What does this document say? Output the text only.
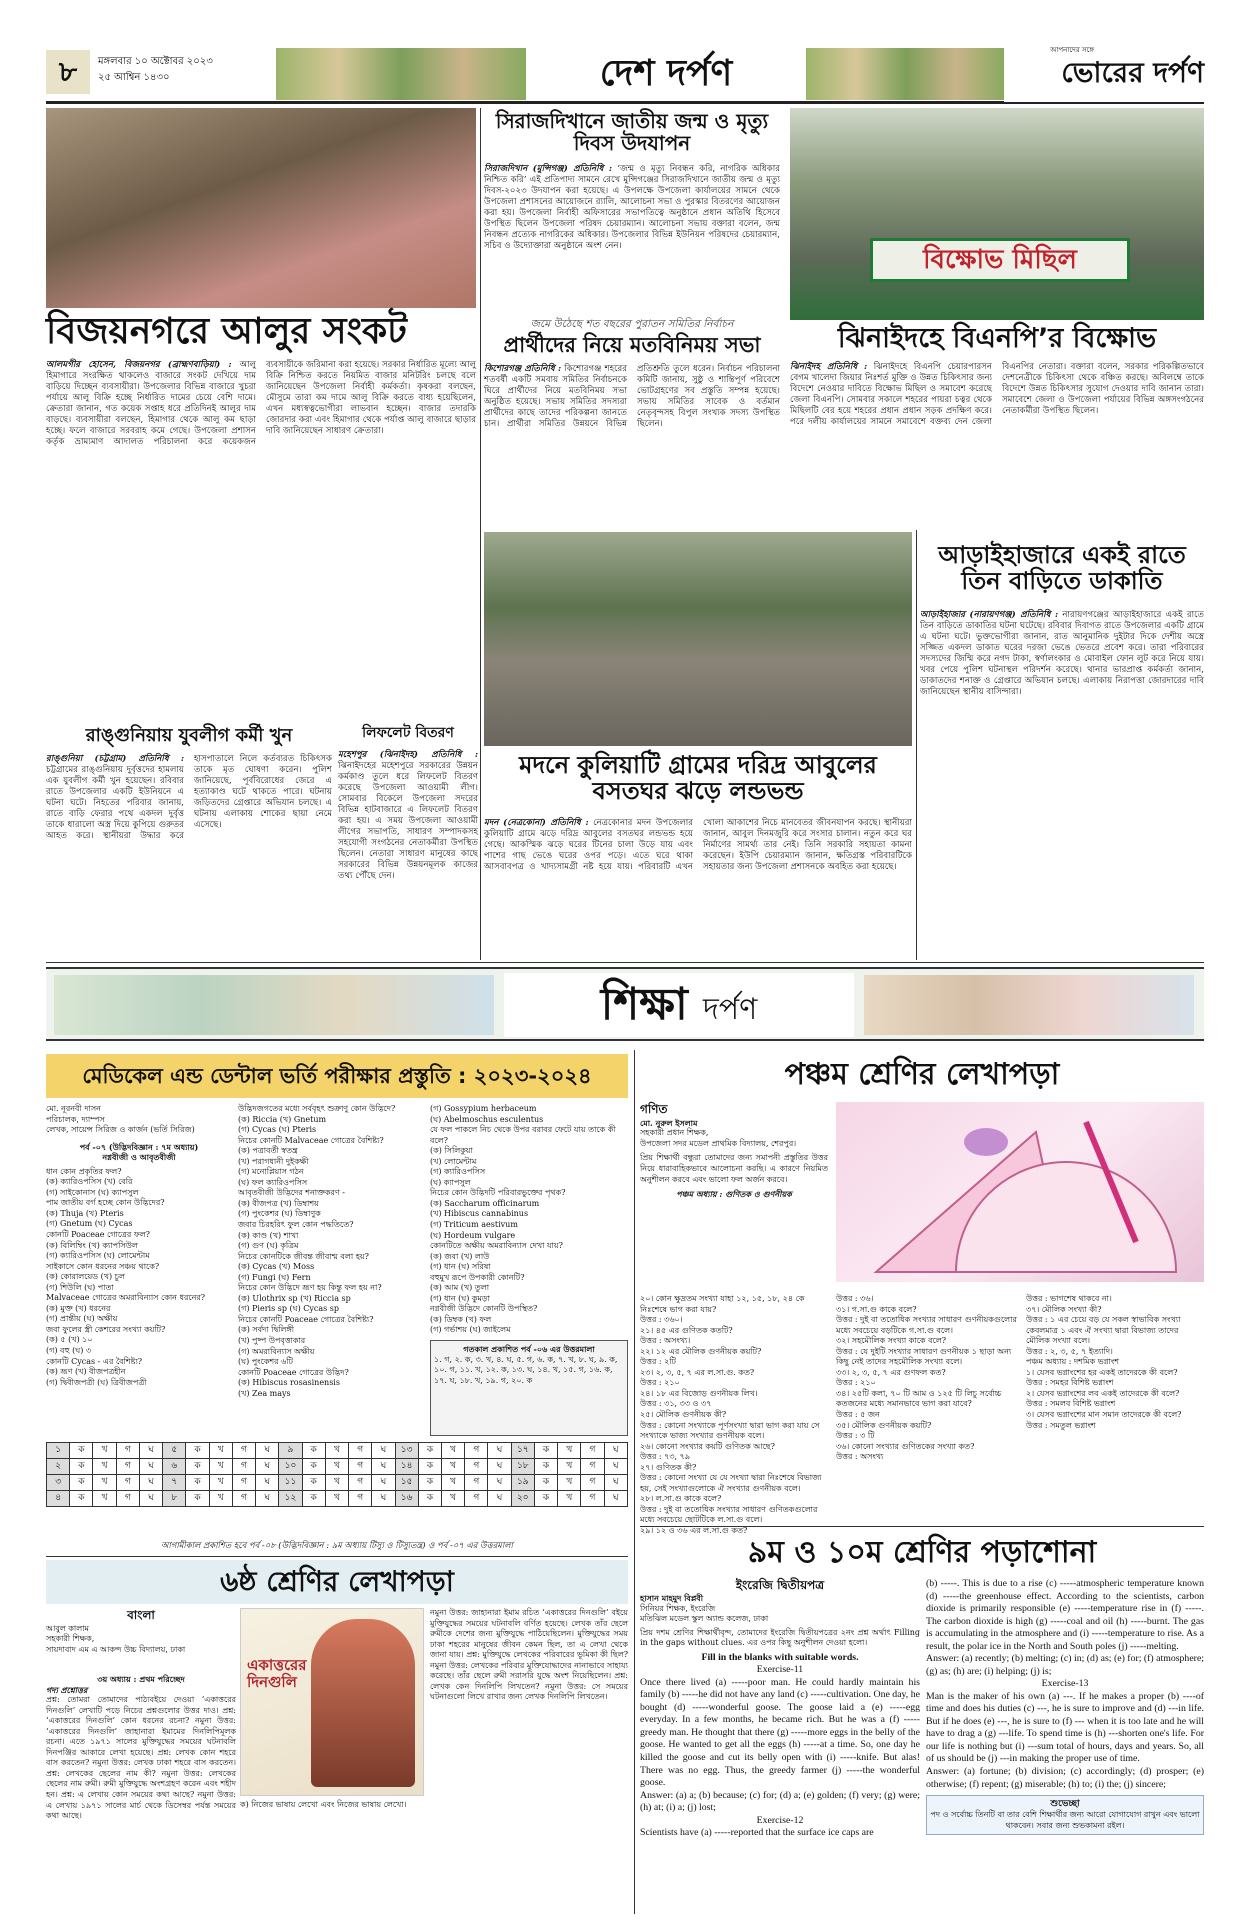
৮	মঙ্গলবার ১০ অক্টোবর ২০২৩
২৫ আশ্বিন ১৪৩০	দেশ দর্পণ
আপনাদের সঙ্গে
ভোরের দর্পণ
বিজয়নগরে আলুর সংকট

আলমগীর হোসেন, বিজয়নগর (ব্রাহ্মণবাড়িয়া) : আলু হিমাগারে সংরক্ষিত থাকলেও বাজারে সংকট দেখিয়ে দাম বাড়িয়ে দিচ্ছেন ব্যবসায়ীরা। উপজেলার বিভিন্ন বাজারে খুচরা পর্যায়ে আলু বিক্রি হচ্ছে নির্ধারিত দামের চেয়ে বেশি দামে। ক্রেতারা জানান, গত কয়েক সপ্তাহ ধরে প্রতিদিনই আলুর দাম বাড়ছে। ব্যবসায়ীরা বলছেন, হিমাগার থেকে আলু কম ছাড়া হচ্ছে। ফলে বাজারে সরবরাহ কমে গেছে। উপজেলা প্রশাসন কর্তৃক ভ্রাম্যমাণ আদালত পরিচালনা করে কয়েকজন ব্যবসায়ীকে জরিমানা করা হয়েছে। সরকার নির্ধারিত মূল্যে আলু বিক্রি নিশ্চিত করতে নিয়মিত বাজার মনিটরিং চলছে বলে জানিয়েছেন উপজেলা নির্বাহী কর্মকর্তা। কৃষকরা বলছেন, মৌসুমে তারা কম দামে আলু বিক্রি করতে বাধ্য হয়েছিলেন, এখন মধ্যস্বত্বভোগীরা লাভবান হচ্ছেন। বাজার তদারকি জোরদার করা এবং হিমাগার থেকে পর্যাপ্ত আলু বাজারে ছাড়ার দাবি জানিয়েছেন সাধারণ ক্রেতারা।

সিরাজদিখানে জাতীয় জন্ম ও মৃত্যু দিবস উদযাপন

সিরাজদিখান (মুন্সিগঞ্জ) প্রতিনিধি : ‘জন্ম ও মৃত্যু নিবন্ধন করি, নাগরিক অধিকার নিশ্চিত করি’ এই প্রতিপাদ্য সামনে রেখে মুন্সিগঞ্জের সিরাজদিখানে জাতীয় জন্ম ও মৃত্যু দিবস-২০২৩ উদযাপন করা হয়েছে। এ উপলক্ষে উপজেলা কার্যালয়ের সামনে থেকে উপজেলা প্রশাসনের আয়োজনে র‌্যালি, আলোচনা সভা ও পুরস্কার বিতরণের আয়োজন করা হয়। উপজেলা নির্বাহী অফিসারের সভাপতিত্বে অনুষ্ঠানে প্রধান অতিথি হিসেবে উপস্থিত ছিলেন উপজেলা পরিষদ চেয়ারম্যান। আলোচনা সভায় বক্তারা বলেন, জন্ম নিবন্ধন প্রত্যেক নাগরিকের অধিকার। উপজেলার বিভিন্ন ইউনিয়ন পরিষদের চেয়ারম্যান, সচিব ও উদ্যোক্তারা অনুষ্ঠানে অংশ নেন।	বিক্ষোভ মিছিল
ঝিনাইদহে বিএনপি’র বিক্ষোভ

ঝিনাইদহ প্রতিনিধি : ঝিনাইদহে বিএনপি চেয়ারপারসন বেগম খালেদা জিয়ার নিঃশর্ত মুক্তি ও উন্নত চিকিৎসার জন্য বিদেশে নেওয়ার দাবিতে বিক্ষোভ মিছিল ও সমাবেশ করেছে জেলা বিএনপি। সোমবার সকালে শহরের পায়রা চত্বর থেকে মিছিলটি বের হয়ে শহরের প্রধান প্রধান সড়ক প্রদক্ষিণ করে। পরে দলীয় কার্যালয়ের সামনে সমাবেশে বক্তব্য দেন জেলা বিএনপির নেতারা। বক্তারা বলেন, সরকার পরিকল্পিতভাবে দেশনেত্রীকে চিকিৎসা থেকে বঞ্চিত করছে। অবিলম্বে তাকে বিদেশে উন্নত চিকিৎসার সুযোগ দেওয়ার দাবি জানান তারা। সমাবেশে জেলা ও উপজেলা পর্যায়ের বিভিন্ন অঙ্গসংগঠনের নেতাকর্মীরা উপস্থিত ছিলেন।

জমে উঠেছে শত বছরের পুরাতন সমিতির নির্বাচন
প্রার্থীদের নিয়ে মতবিনিময় সভা

কিশোরগঞ্জ প্রতিনিধি : কিশোরগঞ্জ শহরের শতবর্ষী একটি সমবায় সমিতির নির্বাচনকে ঘিরে প্রার্থীদের নিয়ে মতবিনিময় সভা অনুষ্ঠিত হয়েছে। সভায় সমিতির সদস্যরা প্রার্থীদের কাছে তাদের পরিকল্পনা জানতে চান। প্রার্থীরা সমিতির উন্নয়নে বিভিন্ন প্রতিশ্রুতি তুলে ধরেন। নির্বাচন পরিচালনা কমিটি জানায়, সুষ্ঠু ও শান্তিপূর্ণ পরিবেশে ভোটগ্রহণের সব প্রস্তুতি সম্পন্ন হয়েছে। সভায় সমিতির সাবেক ও বর্তমান নেতৃবৃন্দসহ বিপুল সংখ্যক সদস্য উপস্থিত ছিলেন।

মদনে কুলিয়াটি গ্রামের দরিদ্র আবুলের বসতঘর ঝড়ে লন্ডভন্ড

মদন (নেত্রকোনা) প্রতিনিধি : নেত্রকোনার মদন উপজেলার কুলিয়াটি গ্রামে ঝড়ে দরিদ্র আবুলের বসতঘর লন্ডভন্ড হয়ে গেছে। আকস্মিক ঝড়ে ঘরের টিনের চালা উড়ে যায় এবং পাশের গাছ ভেঙে ঘরের ওপর পড়ে। এতে ঘরে থাকা আসবাবপত্র ও খাদ্যসামগ্রী নষ্ট হয়ে যায়। পরিবারটি এখন খোলা আকাশের নিচে মানবেতর জীবনযাপন করছে। স্থানীয়রা জানান, আবুল দিনমজুরি করে সংসার চালান। নতুন করে ঘর নির্মাণের সামর্থ্য তার নেই। তিনি সরকারি সহায়তা কামনা করেছেন। ইউপি চেয়ারম্যান জানান, ক্ষতিগ্রস্ত পরিবারটিকে সহায়তার জন্য উপজেলা প্রশাসনকে অবহিত করা হয়েছে।

আড়াইহাজারে একই রাতে তিন বাড়িতে ডাকাতি

আড়াইহাজার (নারায়ণগঞ্জ) প্রতিনিধি : নারায়ণগঞ্জের আড়াইহাজারে একই রাতে তিন বাড়িতে ডাকাতির ঘটনা ঘটেছে। রবিবার দিবাগত রাতে উপজেলার একটি গ্রামে এ ঘটনা ঘটে। ভুক্তভোগীরা জানান, রাত আনুমানিক দুইটার দিকে দেশীয় অস্ত্রে সজ্জিত একদল ডাকাত ঘরের দরজা ভেঙে ভেতরে প্রবেশ করে। তারা পরিবারের সদস্যদের জিম্মি করে নগদ টাকা, স্বর্ণালংকার ও মোবাইল ফোন লুট করে নিয়ে যায়। খবর পেয়ে পুলিশ ঘটনাস্থল পরিদর্শন করেছে। থানার ভারপ্রাপ্ত কর্মকর্তা জানান, ডাকাতদের শনাক্ত ও গ্রেপ্তারে অভিযান চলছে। এলাকায় নিরাপত্তা জোরদারের দাবি জানিয়েছেন স্থানীয় বাসিন্দারা।

রাঙ্গুনিয়ায় যুবলীগ কর্মী খুন

রাঙ্গুনিয়া (চট্টগ্রাম) প্রতিনিধি : চট্টগ্রামের রাঙ্গুনিয়ায় দুর্বৃত্তদের হামলায় এক যুবলীগ কর্মী খুন হয়েছেন। রবিবার রাতে উপজেলার একটি ইউনিয়নে এ ঘটনা ঘটে। নিহতের পরিবার জানায়, রাতে বাড়ি ফেরার পথে একদল দুর্বৃত্ত তাকে ধারালো অস্ত্র দিয়ে কুপিয়ে গুরুতর আহত করে। স্থানীয়রা উদ্ধার করে হাসপাতালে নিলে কর্তব্যরত চিকিৎসক তাকে মৃত ঘোষণা করেন। পুলিশ জানিয়েছে, পূর্ববিরোধের জেরে এ হত্যাকাণ্ড ঘটে থাকতে পারে। ঘটনায় জড়িতদের গ্রেপ্তারে অভিযান চলছে। এ ঘটনায় এলাকায় শোকের ছায়া নেমে এসেছে।

লিফলেট বিতরণ

মহেশপুর (ঝিনাইদহ) প্রতিনিধি : ঝিনাইদহের মহেশপুরে সরকারের উন্নয়ন কর্মকাণ্ড তুলে ধরে লিফলেট বিতরণ করেছে উপজেলা আওয়ামী লীগ। সোমবার বিকেলে উপজেলা সদরের বিভিন্ন হাটবাজারে এ লিফলেট বিতরণ করা হয়। এ সময় উপজেলা আওয়ামী লীগের সভাপতি, সাধারণ সম্পাদকসহ সহযোগী সংগঠনের নেতাকর্মীরা উপস্থিত ছিলেন। নেতারা সাধারণ মানুষের কাছে সরকারের বিভিন্ন উন্নয়নমূলক কাজের তথ্য পৌঁছে দেন।

শিক্ষা দর্পণ
মেডিকেল এন্ড ডেন্টাল ভর্তি পরীক্ষার প্রস্তুতি : ২০২৩-২০২৪
মো. নূরনবী দাসন
পরিচালক, দ্যাম্পস
লেখক, সায়েন্স সিরিজ ও কার্জন (ভর্তি সিরিজ)
পর্ব -০৭ (উদ্ভিদবিজ্ঞান : ৭ম অধ্যায়)
নগ্নবীজী ও আবৃতবীজী
ধান কোন প্রকৃতির ফল?
(ক) ক্যারিওপসিস (খ) বেরি
(গ) সাইকোনাস (ঘ) ক্যাপসুল
পাম জাতীয় বর্গ হচ্ছে কোন উদ্ভিদের?
(ক) Thuja (খ) Pteris
(গ) Gnetum (ঘ) Cycas
কোনটি Poaceae গোত্রের ফল?
(ক) বিলিম্বিং (খ) ক্যাপসিউল
(গ) ক্যারিওপসিস (ঘ) লোমেন্টাম
সাইকাসে কোন ধরনের সঞ্চয় থাকে?
(ক) কোরালয়েড (খ) চুল
(গ) শিউলি (ঘ) পাতা
Malvaceae গোত্রের অমরাবিন্যাস কোন ধরনের?
(ক) মুক্ত (খ) ধরনের
(গ) প্রান্তীয় (ঘ) অক্ষীয়
জবা ফুলের স্ত্রী কেশরের সংখ্যা কয়টি?
(ক) ৫ (খ) ১০
(গ) বহু (ঘ) ৩
কোনটি Cycas - এর বৈশিষ্ট্য?
(ক) ভ্রূণ (খ) বীজপত্রহীন
(গ) দ্বিবীজপত্রী (ঘ) ত্রিবীজপত্রী
উদ্ভিদজগতের মধ্যে সর্ববৃহৎ শুক্রাণু কোন উদ্ভিদে?
(ক) Riccia (খ) Gnetum
(গ) Cycas (ঘ) Pteris
নিচের কোনটি Malvaceae গোত্রের বৈশিষ্ট্য?
(ক) পত্রাবর্তী স্বতন্ত্র
(খ) পরাগধানী দুইকক্ষী
(গ) মনোপ্লিয়াস গঠন
(ঘ) ফল ক্যারিওপসিস
আবৃতবীজী উদ্ভিদের শনাক্তকরণ -
(ক) বীজপত্র (খ) ডিম্বাশয়
(গ) পুংকেশর (ঘ) ডিম্বাণুক
জবার চিরহরিৎ ফুল কোন পদ্ধতিতে?
(ক) কাণ্ড (খ) শাখা
(গ) গুণ (ঘ) কৃত্রিম
নিচের কোনটিকে জীবন্ত জীবাশ্ম বলা হয়?
(ক) Cycas (খ) Moss
(গ) Fungi (ঘ) Fern
নিচের কোন উদ্ভিদে ভ্রূণ হয় কিন্তু ফল হয় না?
(ক) Ulothrix sp (খ) Riccia sp
(গ) Pieris sp (ঘ) Cycas sp
নিচের কোনটি Poaceae গোত্রের বৈশিষ্ট্য?
(ক) সর্বদা দ্বিলিঙ্গী
(খ) পুষ্প উপবৃত্তাকার
(গ) অমরাবিন্যাস অক্ষীয়
(ঘ) পুংকেশর ৬টি
কোনটি Poaceae গোত্রের উদ্ভিদ?
(ক) Hibiscus rosasinensis
(খ) Zea mays
(গ) Gossypium herbaceum
(ঘ) Abelmoschus esculentus
যে ফল পাকলে নিচ থেকে উপর বরাবর ফেটে যায় তাকে কী বলে?
(ক) সিলিকুয়া
(খ) লোমেন্টাম
(গ) ক্যারিওপসিস
(ঘ) ক্যাপসুল
নিচের কোন উদ্ভিদটি পরিবারভুক্তের পৃথক?
(ক) Saccharum officinarum
(খ) Hibiscus cannabinus
(গ) Triticum aestivum
(ঘ) Hordeum vulgare
কোনটিতে অক্ষীয় অমরাবিন্যাস দেখা যায়?
(ক) জবা (খ) লাউ
(গ) ধান (ঘ) সরিষা
বহুমুখ রূপে উপকারী কোনটি?
(ক) আম (খ) তুলা
(গ) ধান (ঘ) কুমড়া
নগ্নবীজী উদ্ভিদে কোনটি উপস্থিত?
(ক) ডিম্বক (খ) ফল
(গ) গর্ভাশয় (ঘ) জাইলেম
গতকাল প্রকাশিত পর্ব -০৬ এর উত্তরমালা
১. গ, ২. ক, ৩. খ, ৪. ঘ, ৫. গ, ৬. ক, ৭. খ, ৮. ঘ, ৯. ক, ১০. গ, ১১. খ, ১২. ক, ১৩. ঘ, ১৪. খ, ১৫. গ, ১৬. ক, ১৭. ঘ, ১৮. খ, ১৯. গ, ২০. ক
১	ক	খ	গ	ঘ	৫	ক	খ	গ	ঘ	৯	ক	খ	গ	ঘ	১৩	ক	খ	গ	ঘ	১৭	ক	খ	গ	ঘ
২	ক	খ	গ	ঘ	৬	ক	খ	গ	ঘ	১০	ক	খ	গ	ঘ	১৪	ক	খ	গ	ঘ	১৮	ক	খ	গ	ঘ
৩	ক	খ	গ	ঘ	৭	ক	খ	গ	ঘ	১১	ক	খ	গ	ঘ	১৫	ক	খ	গ	ঘ	১৯	ক	খ	গ	ঘ
৪	ক	খ	গ	ঘ	৮	ক	খ	গ	ঘ	১২	ক	খ	গ	ঘ	১৬	ক	খ	গ	ঘ	২০	ক	খ	গ	ঘ
আগামীকাল প্রকাশিত হবে পর্ব -০৮ (উদ্ভিদবিজ্ঞান : ৯ম অধ্যায় টিস্যু ও টিস্যুতন্ত্র) ও পর্ব -০৭ এর উত্তরমালা
পঞ্চম শ্রেণির লেখাপড়া
গণিত
মো. নুরুল ইসলাম
সহকারী প্রধান শিক্ষক,
উপজেলা সদর মডেল প্রাথমিক বিদ্যালয়, শেরপুর।
প্রিয় শিক্ষার্থী বন্ধুরা তোমাদের জন্য সমাপনী প্রস্তুতির উত্তর নিয়ে ধারাবাহিকভাবে আলোচনা করছি। এ কারণে নিয়মিত অনুশীলন করবে এবং ভালো ফল অর্জন করবে।
পঞ্চম অধ্যায় : গুণিতক ও গুণনীয়ক
২০। কোন ক্ষুদ্রতম সংখ্যা যাহা ১২, ১৫, ১৮, ২৪ কে নিঃশেষে ভাগ করা যায়?
উত্তর : ৩৬০।
২১। ৪৫ এর গুণিতক কতটি?
উত্তর : অসংখ্য।
২২। ১২ এর মৌলিক গুণনীয়ক কয়টি?
উত্তর : ২টি
২৩। ২, ৩, ৫, ৭ এর ল.সা.গু. কত?
উত্তর : ২১০
২৪। ১৮ এর বিজোড় গুণনীয়ক লিখ।
উত্তর : ৩১, ৩৩ ও ৩৭
২৫। মৌলিক গুণনীয়ক কী?
উত্তর : কোনো সংখ্যাকে পূর্ণসংখ্যা দ্বারা ভাগ করা যায় সে সংখ্যাকে ভাজ্য সংখ্যার গুণনীয়ক বলে।
২৬। কোনো সংখ্যার কয়টি গুণিতক আছে?
উত্তর : ৭৩, ৭৯
২৭। গুণিতক কী?
উত্তর : কোনো সংখ্যা যে যে সংখ্যা দ্বারা নিঃশেষে বিভাজ্য হয়, সেই সংখ্যাগুলোকে ঐ সংখ্যার গুণনীয়ক বলে।
২৮। ল.সা.গু কাকে বলে?
উত্তর : দুই বা ততোধিক সংখ্যার সাধারণ গুণিতকগুলোর মধ্যে সবচেয়ে ছোটটিকে ল.সা.গু বলে।
২৯। ১২ ও ৩৬ এর ল.সা.গু কত?
উত্তর : ৩৬।
৩১। গ.সা.গু কাকে বলে?
উত্তর : দুই বা ততোধিক সংখ্যার সাধারণ গুণনীয়কগুলোর মধ্যে সবচেয়ে বড়টিকে গ.সা.গু বলে।
৩২। সহমৌলিক সংখ্যা কাকে বলে?
উত্তর : যে দুইটি সংখ্যার সাধারণ গুণনীয়ক ১ ছাড়া অন্য কিছু নেই তাদের সহমৌলিক সংখ্যা বলে।
৩৩। ২, ৩, ৫, ৭ এর গুণফল কত?
উত্তর : ২১০
৩৪। ২৫টি কলা, ৭০ টি আম ও ১২৫ টি লিচু সর্বোচ্চ কতজনের মধ্যে সমানভাবে ভাগ করা যাবে?
উত্তর : ৫ জন
৩৫। মৌলিক গুণনীয়ক কয়টি?
উত্তর : ৩ টি
৩৬। কোনো সংখ্যার গুণিতকের সংখ্যা কত?
উত্তর : অসংখ্য
উত্তর : ভাগশেষ থাকবে না।
৩৭। মৌলিক সংখ্যা কী?
উত্তর : ১ এর চেয়ে বড় যে সকল স্বাভাবিক সংখ্যা কেবলমাত্র ১ এবং ঐ সংখ্যা দ্বারা বিভাজ্য তাদের মৌলিক সংখ্যা বলে।
উত্তর : ২, ৩, ৫, ৭ ইত্যাদি।
পঞ্চম অধ্যায় : দশমিক ভগ্নাংশ
১। যেসব ভগ্নাংশের হর একই তাদেরকে কী বলে?
উত্তর : সমহর বিশিষ্ট ভগ্নাংশ
২। যেসব ভগ্নাংশের লব একই তাদেরকে কী বলে?
উত্তর : সমলব বিশিষ্ট ভগ্নাংশ
৩। যেসব ভগ্নাংশের মান সমান তাদেরকে কী বলে?
উত্তর : সমতুল ভগ্নাংশ
৬ষ্ঠ শ্রেণির লেখাপড়া
বাংলা
আবুল কালাম
সহকারী শিক্ষক,
সায়দাবাদ এম এ আকন্দ উচ্চ বিদ্যালয়, ঢাকা
একাত্তরের দিনগুলি
৩য় অধ্যায় : প্রথম পরিচ্ছেদ
গদ্য প্রশ্নোত্তর
প্রশ্ন: তোমরা তোমাদের পাঠ্যবইয়ে দেওয়া ‘একাত্তরের দিনগুলি’ লেখাটি পড়ে নিচের প্রশ্নগুলোর উত্তর দাও। প্রশ্ন: ‘একাত্তরের দিনগুলি’ কোন ধরনের রচনা? নমুনা উত্তর: ‘একাত্তরের দিনগুলি’ জাহানারা ইমামের দিনলিপিমূলক রচনা। এতে ১৯৭১ সালের মুক্তিযুদ্ধের সময়ের ঘটনাবলি দিনপঞ্জির আকারে লেখা হয়েছে। প্রশ্ন: লেখক কোন শহরে বাস করতেন? নমুনা উত্তর: লেখক ঢাকা শহরে বাস করতেন। প্রশ্ন: লেখকের ছেলের নাম কী? নমুনা উত্তর: লেখকের ছেলের নাম রুমী। রুমী মুক্তিযুদ্ধে অংশগ্রহণ করেন এবং শহীদ হন। প্রশ্ন: এ লেখায় কোন সময়ের কথা আছে? নমুনা উত্তর: এ লেখায় ১৯৭১ সালের মার্চ থেকে ডিসেম্বর পর্যন্ত সময়ের কথা আছে।
ক) নিজের ভাষায় লেখো এবং নিজের ভাষায় লেখো।
নমুনা উত্তর: জাহানারা ইমাম রচিত ‘একাত্তরের দিনগুলি’ বইয়ে মুক্তিযুদ্ধের সময়ের ঘটনাবলি বর্ণিত হয়েছে। লেখক তাঁর ছেলে রুমীকে দেশের জন্য মুক্তিযুদ্ধে পাঠিয়েছিলেন। মুক্তিযুদ্ধের সময় ঢাকা শহরের মানুষের জীবন কেমন ছিল, তা এ লেখা থেকে জানা যায়। প্রশ্ন: মুক্তিযুদ্ধে লেখকের পরিবারের ভূমিকা কী ছিল? নমুনা উত্তর: লেখকের পরিবার মুক্তিযোদ্ধাদের নানাভাবে সাহায্য করেছে। তাঁর ছেলে রুমী সরাসরি যুদ্ধে অংশ নিয়েছিলেন। প্রশ্ন: লেখক কেন দিনলিপি লিখতেন? নমুনা উত্তর: সে সময়ের ঘটনাগুলো লিখে রাখার জন্য লেখক দিনলিপি লিখতেন।
৯ম ও ১০ম শ্রেণির পড়াশোনা
ইংরেজি দ্বিতীয়পত্র
হাসান মাহমুদ বিপ্লবী
সিনিয়র শিক্ষক, ইংরেজি
মতিঝিল মডেল স্কুল অ্যান্ড কলেজ, ঢাকা
প্রিয় দশম শ্রেণির শিক্ষার্থীবৃন্দ, তোমাদের ইংরেজি দ্বিতীয়পত্রের ২নং প্রশ্ন অর্থাৎ Filling in the gaps without clues. এর ওপর কিছু অনুশীলন দেওয়া হলো।
Fill in the blanks with suitable words.
Exercise-11
Once there lived (a) -----poor man. He could hardly maintain his family (b) -----he did not have any land (c) -----cultivation. One day, he bought (d) -----wonderful goose. The goose laid a (e) -----egg everyday. In a few months, he became rich. But he was a (f) -----greedy man. He thought that there (g) -----more eggs in the belly of the goose. He wanted to get all the eggs (h) -----at a time. So, one day he killed the goose and cut its belly open with (i) -----knife. But alas! There was no egg. Thus, the greedy farmer (j) -----the wonderful goose.
Answer: (a) a; (b) because; (c) for; (d) a; (e) golden; (f) very; (g) were; (h) at; (i) a; (j) lost;
Exercise-12
Scientists have (a) -----reported that the surface ice caps are
(b) -----. This is due to a rise (c) -----atmospheric temperature known (d) -----the greenhouse effect. According to the scientists, carbon dioxide is primarily responsible (e) -----temperature rise in (f) -----. The carbon dioxide is high (g) -----coal and oil (h) -----burnt. The gas is accumulating in the atmosphere and (i) -----temperature to rise. As a result, the polar ice in the North and South poles (j) -----melting.
Answer: (a) recently; (b) melting; (c) in; (d) as; (e) for; (f) atmosphere; (g) as; (h) are; (i) helping; (j) is;
Exercise-13
Man is the maker of his own (a) ---. If he makes a proper (b) ----of time and does his duties (c) ---, he is sure to improve and (d) ---in life. But if he does (e) ---, he is sure to (f) --- when it is too late and he will have to drag a (g) ---life. To spend time is (h) ---shorten one's life. For our life is nothing but (i) ---sum total of hours, days and years. So, all of us should be (j) ---in making the proper use of time.
Answer: (a) fortune; (b) division; (c) accordingly; (d) prosper; (e) otherwise; (f) repent; (g) miserable; (h) to; (i) the; (j) sincere;
শুভেচ্ছা
পদ ও সর্বোচ্চ তিনটি বা তার বেশি শিক্ষার্থীর জন্য আরো যোগাযোগ রাখুন এবং ভালো থাকবেন। সবার জন্য শুভকামনা রইল।
